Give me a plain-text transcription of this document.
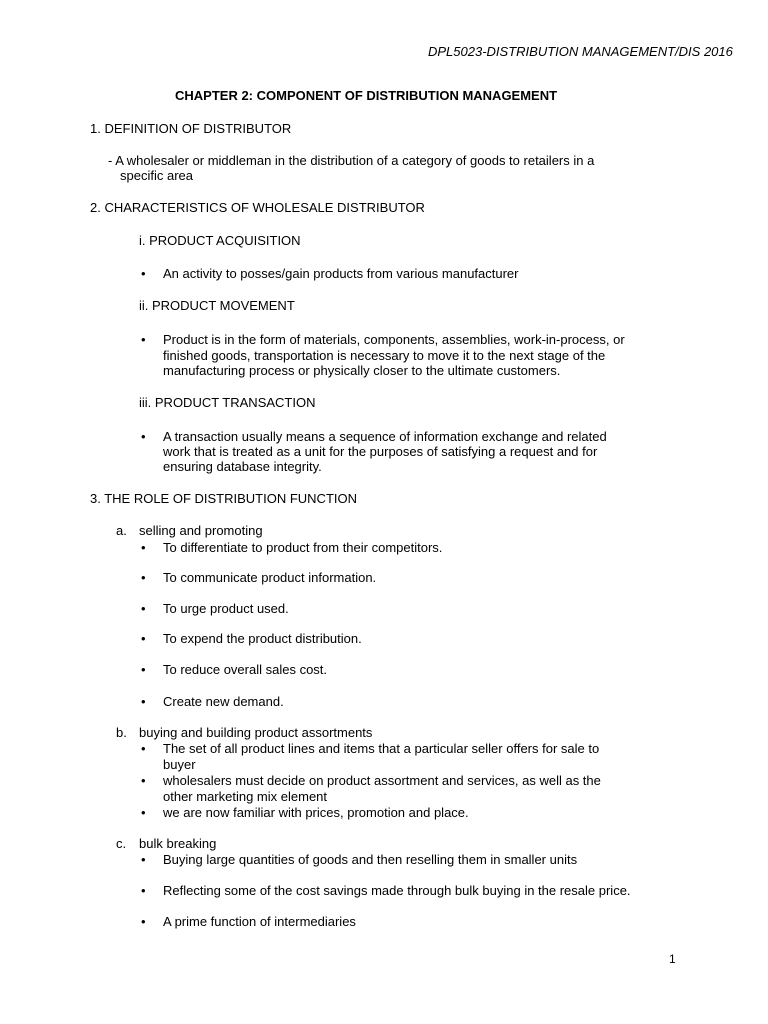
DPL5023-DISTRIBUTION MANAGEMENT/DIS 2016
CHAPTER 2: COMPONENT OF DISTRIBUTION MANAGEMENT
1. DEFINITION OF DISTRIBUTOR
- A wholesaler or middleman in the distribution of a category of goods to retailers in a
specific area
2. CHARACTERISTICS OF WHOLESALE DISTRIBUTOR
i. PRODUCT ACQUISITION
• An activity to posses/gain products from various manufacturer
ii. PRODUCT MOVEMENT
• Product is in the form of materials, components, assemblies, work-in-process, or
finished goods, transportation is necessary to move it to the next stage of the
manufacturing process or physically closer to the ultimate customers.
iii. PRODUCT TRANSACTION
• A transaction usually means a sequence of information exchange and related
work that is treated as a unit for the purposes of satisfying a request and for
ensuring database integrity.
3. THE ROLE OF DISTRIBUTION FUNCTION
a. selling and promoting
• To differentiate to product from their competitors.
• To communicate product information.
• To urge product used.
• To expend the product distribution.
• To reduce overall sales cost.
• Create new demand.
b. buying and building product assortments
• The set of all product lines and items that a particular seller offers for sale to
buyer
• wholesalers must decide on product assortment and services, as well as the
other marketing mix element
• we are now familiar with prices, promotion and place.
c. bulk breaking
• Buying large quantities of goods and then reselling them in smaller units
• Reflecting some of the cost savings made through bulk buying in the resale price.
• A prime function of intermediaries
1
